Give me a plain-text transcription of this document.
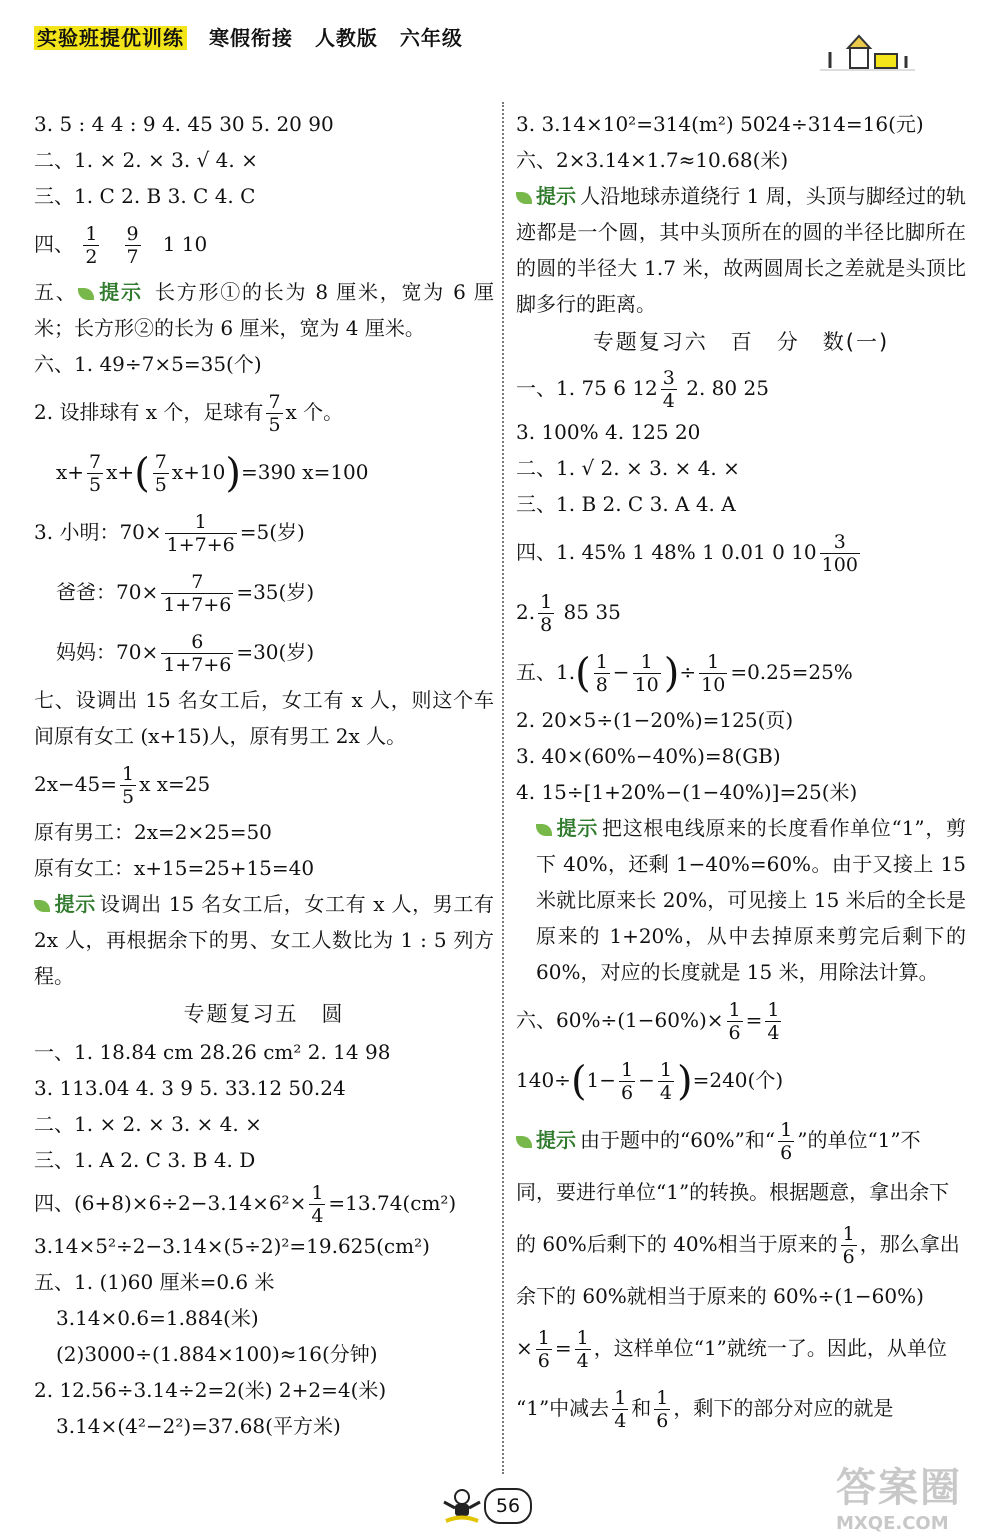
实验班提优训练 寒假衔接 人教版 六年级

3. 5 : 4 4 : 9 4. 45 30 5. 20 90

二、1. × 2. × 3. √ 4. ×

三、1. C 2. B 3. C 4. C

四、 $\frac{1}{2}$
$\frac{9}{7} 1$ 10

五、 提示 长方形①的长为 8 厘米，宽为 6 厘米；长方形②的长为 6 厘米，宽为 4 厘米。

六、1. 49÷7×5=35(个)

2. 设排球有 x 个，足球有 $\frac{7}{5}$ x 个。

$x+ \frac{7}{5} x+( \frac{7}{5} x+10)=390$ x=100

3. 小明：$70\times \frac{1}{1+7+6} =5$(岁)

爸爸：$70\times \frac{7}{1+7+6} =35$(岁)

妈妈：$70\times \frac{6}{1+7+6} =30$(岁)

七、设调出 15 名女工后，女工有 x 人，则这个车间原有女工 (x+15)人，原有男工 2x 人。

$2x-45= \frac{1}{5}$ x x=25

原有男工：2x=2×25=50

原有女工：x+15=25+15=40

提示 设调出 15 名女工后，女工有 x 人，男工有 2x 人，再根据余下的男、女工人数比为 1 : 5 列方程。

专题复习五　圆

一、1. 18.84 cm 28.26 cm² 2. 14 98

3. 113.04 4. 3 9 5. 33.12 50.24

二、1. × 2. × 3. × 4. ×

三、1. A 2. C 3. B 4. D

四、$(6+8)\times 6\div 2-3.14\times 6^2\times \frac{1}{4} =13.74(cm^2)$

3.14×5²÷2−3.14×(5÷2)²=19.625(cm²)

五、1. (1)60 厘米=0.6 米

3.14×0.6=1.884(米)

(2)3000÷(1.884×100)≈16(分钟)

2. 12.56÷3.14÷2=2(米) 2+2=4(米)

3.14×(4²−2²)=37.68(平方米)

3. 3.14×10²=314(m²) 5024÷314=16(元)

六、2×3.14×1.7≈10.68(米)

提示 人沿地球赤道绕行 1 周，头顶与脚经过的轨迹都是一个圆，其中头顶所在的圆的半径比脚所在的圆的半径大 1.7 米，故两圆周长之差就是头顶比脚多行的距离。

专题复习六　百　分　数(一)

一、1. 75 6 $12 \frac{3}{4} 2$. 80 25

3. 100% 4. 125 20

二、1. √ 2. × 3. × 4. ×

三、1. B 2. C 3. A 4. A

四、1. 45% 1 48% 1 0.01 0 $10 \frac{3}{100}$

2. $\frac{1}{8} 85$ 35

五、$1.( \frac{1}{8} - \frac{1}{10}$ )÷ $\frac{1}{10} =0.25=25\%$

2. 20×5÷(1−20%)=125(页)

3. 40×(60%−40%)=8(GB)

4. 15÷[1+20%−(1−40%)]=25(米)

提示 把这根电线原来的长度看作单位“1”，剪下 40%，还剩 1−40%=60%。由于又接上 15 米就比原来长 20%，可见接上 15 米后的全长是原来的 1+20%，从中去掉原来剪完后剩下的 60%，对应的长度就是 15 米，用除法计算。

六、$60\%\div(1-60\%)\times \frac{1}{6} = \frac{1}{4}$

$140\div(1- \frac{1}{6} - \frac{1}{4} )=240$(个)

提示 由于题中的“60%”和“ $\frac{1}{6}$ ”的单位“1”不

同，要进行单位“1”的转换。根据题意，拿出余下

的 60%后剩下的 40%相当于原来的 $\frac{1}{6}$ ，那么拿出

余下的 60%就相当于原来的 60%÷(1−60%)

× $\frac{1}{6} = \frac{1}{4}$ ，这样单位“1”就统一了。因此，从单位

“1”中减去 $\frac{1}{4}$ 和 $\frac{1}{6}$ ，剩下的部分对应的就是

56	答案圈
MXQE.COM
